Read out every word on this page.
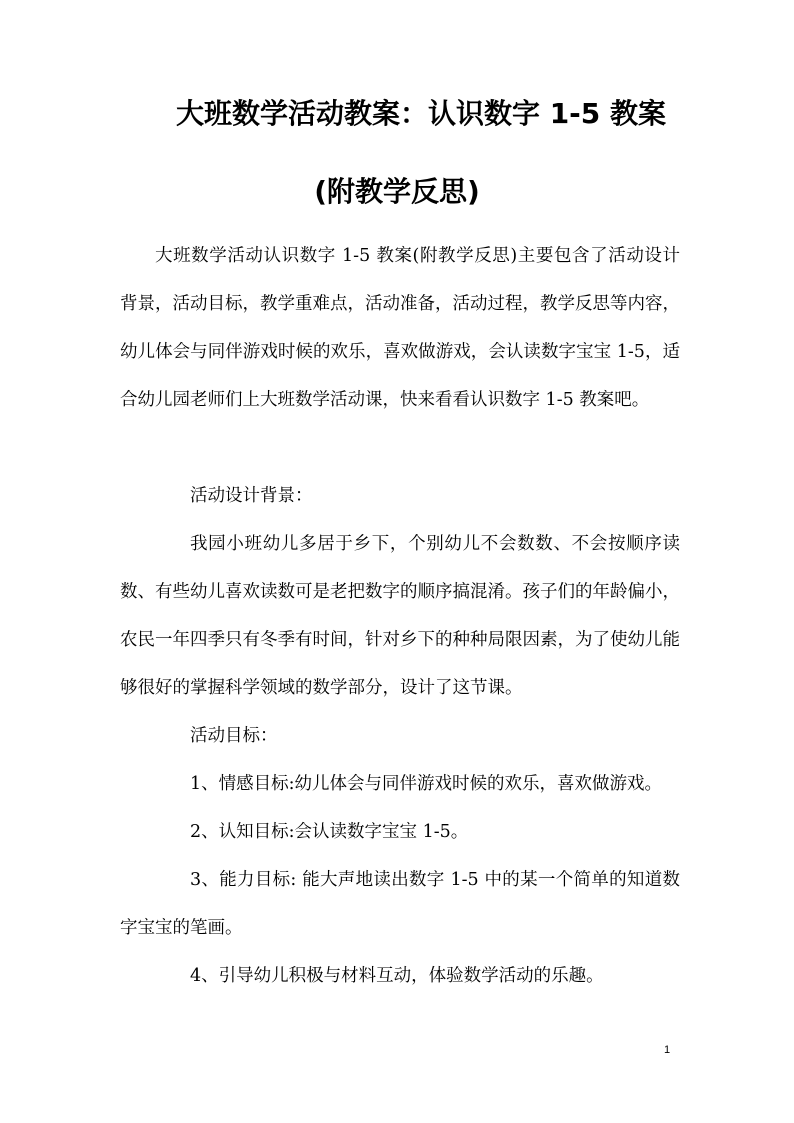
大班数学活动教案：认识数字 1-5 教案
(附教学反思)

大班数学活动认识数字 1-5 教案(附教学反思)主要包含了活动设计背景，活动目标，教学重难点，活动准备，活动过程，教学反思等内容，幼儿体会与同伴游戏时候的欢乐，喜欢做游戏，会认读数字宝宝 1-5，适合幼儿园老师们上大班数学活动课，快来看看认识数字 1-5 教案吧。

活动设计背景：

我园小班幼儿多居于乡下，个别幼儿不会数数、不会按顺序读数、有些幼儿喜欢读数可是老把数字的顺序搞混淆。孩子们的年龄偏小，农民一年四季只有冬季有时间，针对乡下的种种局限因素，为了使幼儿能够很好的掌握科学领域的数学部分，设计了这节课。

活动目标：

1、情感目标:幼儿体会与同伴游戏时候的欢乐，喜欢做游戏。

2、认知目标:会认读数字宝宝 1-5。

3、能力目标: 能大声地读出数字 1-5 中的某一个简单的知道数字宝宝的笔画。

4、引导幼儿积极与材料互动，体验数学活动的乐趣。

1
